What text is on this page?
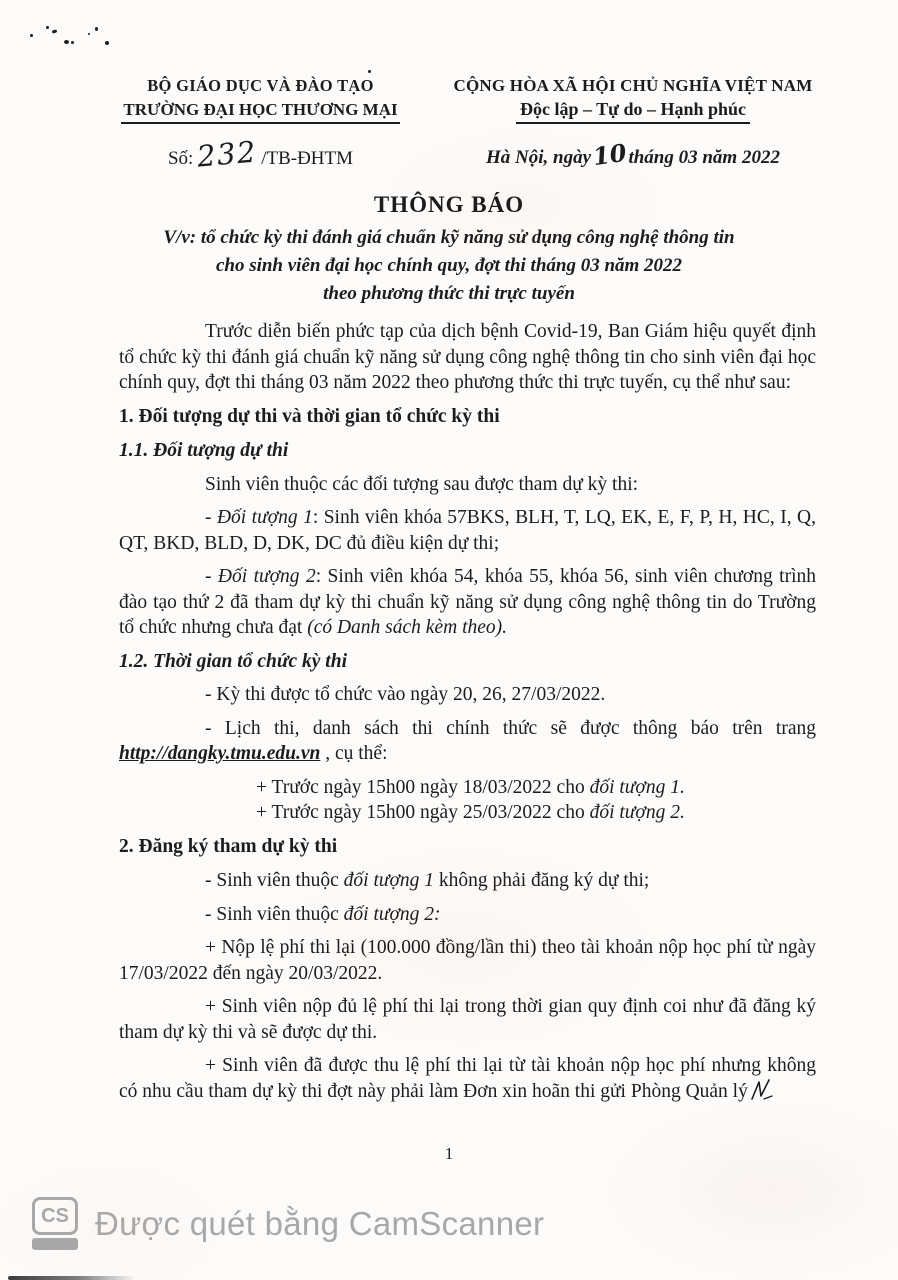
BỘ GIÁO DỤC VÀ ĐÀO TẠO
TRƯỜNG ĐẠI HỌC THƯƠNG MẠI
Số:232 /TB-ĐHTM
CỘNG HÒA XÃ HỘI CHỦ NGHĨA VIỆT NAM
Độc lập – Tự do – Hạnh phúc
Hà Nội, ngày10tháng 03 năm 2022
THÔNG BÁO
V/v: tổ chức kỳ thi đánh giá chuẩn kỹ năng sử dụng công nghệ thông tin
cho sinh viên đại học chính quy, đợt thi tháng 03 năm 2022
theo phương thức thi trực tuyến

Trước diễn biến phức tạp của dịch bệnh Covid-19, Ban Giám hiệu quyết định tổ chức kỳ thi đánh giá chuẩn kỹ năng sử dụng công nghệ thông tin cho sinh viên đại học chính quy, đợt thi tháng 03 năm 2022 theo phương thức thi trực tuyến, cụ thể như sau:

1. Đối tượng dự thi và thời gian tổ chức kỳ thi

1.1. Đối tượng dự thi

Sinh viên thuộc các đối tượng sau được tham dự kỳ thi:

- Đối tượng 1: Sinh viên khóa 57BKS, BLH, T, LQ, EK, E, F, P, H, HC, I, Q, QT, BKD, BLD, D, DK, DC đủ điều kiện dự thi;

- Đối tượng 2: Sinh viên khóa 54, khóa 55, khóa 56, sinh viên chương trình đào tạo thứ 2 đã tham dự kỳ thi chuẩn kỹ năng sử dụng công nghệ thông tin do Trường tổ chức nhưng chưa đạt (có Danh sách kèm theo).

1.2. Thời gian tổ chức kỳ thi

- Kỳ thi được tổ chức vào ngày 20, 26, 27/03/2022.

- Lịch thi, danh sách thi chính thức sẽ được thông báo trên trang http://dangky.tmu.edu.vn , cụ thể:

+ Trước ngày 15h00 ngày 18/03/2022 cho đối tượng 1.
+ Trước ngày 15h00 ngày 25/03/2022 cho đối tượng 2.

2. Đăng ký tham dự kỳ thi

- Sinh viên thuộc đối tượng 1 không phải đăng ký dự thi;

- Sinh viên thuộc đối tượng 2:

+ Nộp lệ phí thi lại (100.000 đồng/lần thi) theo tài khoản nộp học phí từ ngày 17/03/2022 đến ngày 20/03/2022.

+ Sinh viên nộp đủ lệ phí thi lại trong thời gian quy định coi như đã đăng ký tham dự kỳ thi và sẽ được dự thi.

+ Sinh viên đã được thu lệ phí thi lại từ tài khoản nộp học phí nhưng không có nhu cầu tham dự kỳ thi đợt này phải làm Đơn xin hoãn thi gửi Phòng Quản lý

1
CS Được quét bằng CamScanner
